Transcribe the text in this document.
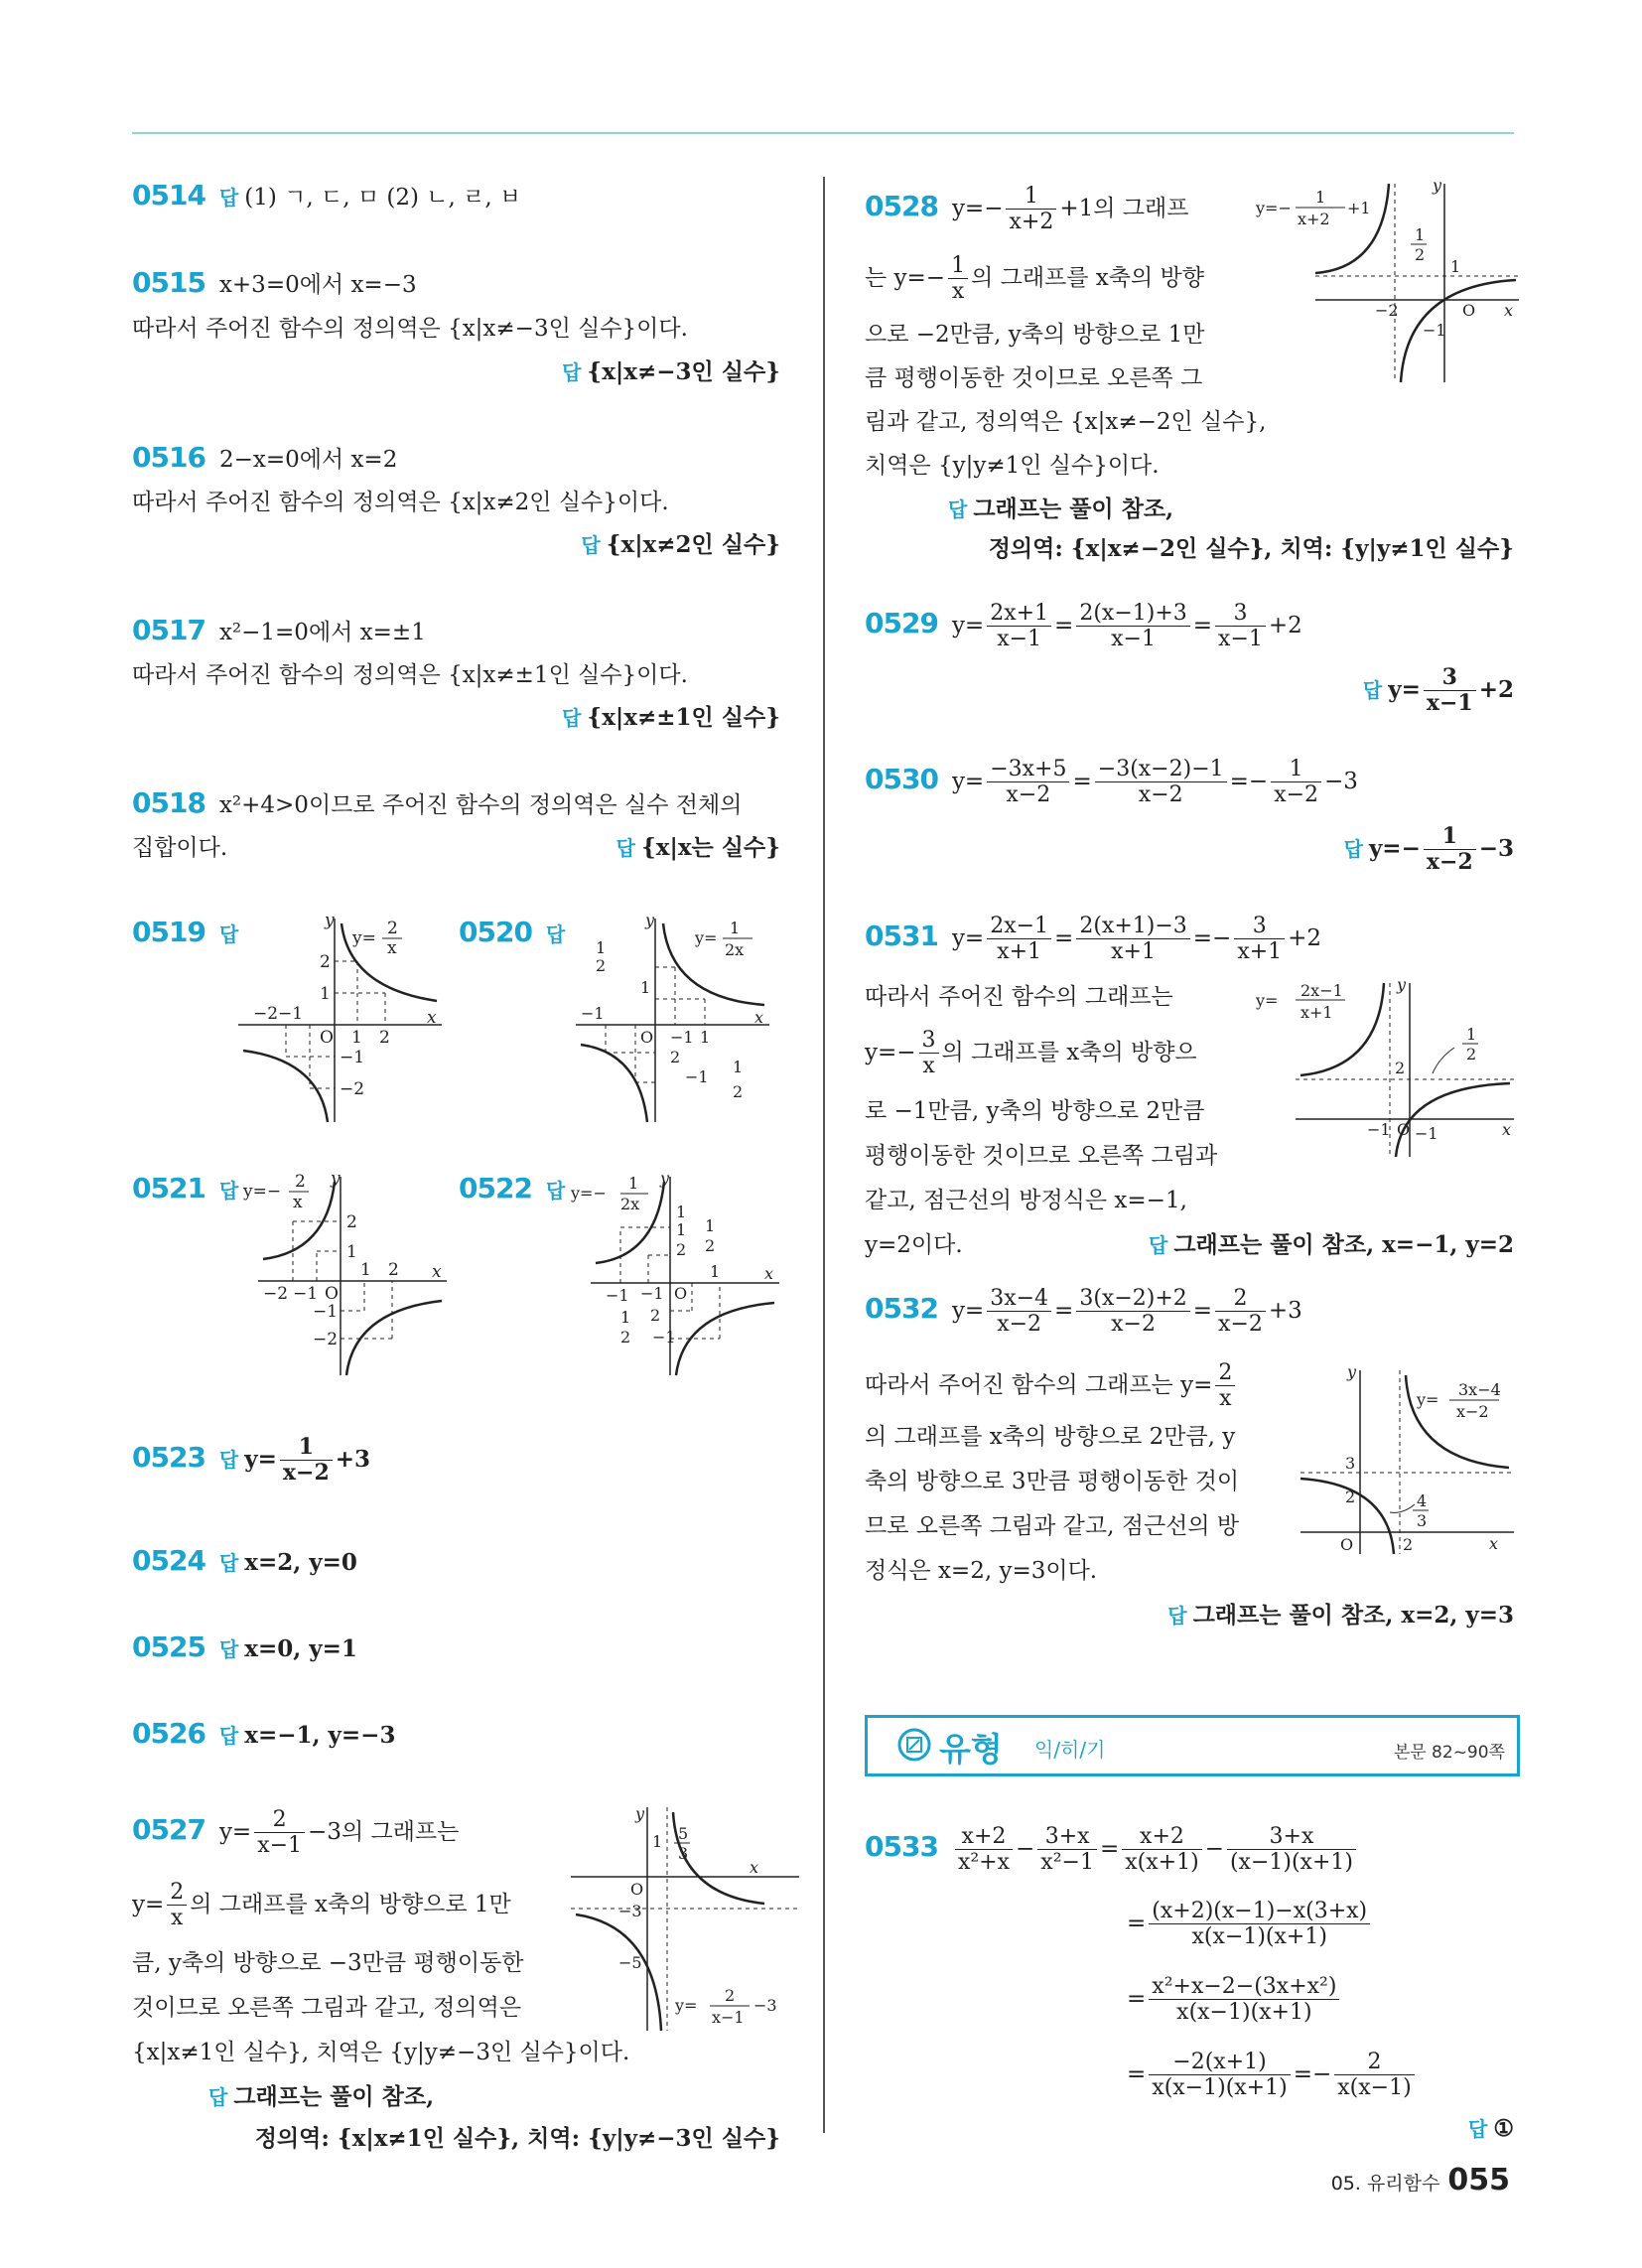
0514 답 (1) ㄱ, ㄷ, ㅁ (2) ㄴ, ㄹ, ㅂ
0515 x+3=0에서 x=−3
따라서 주어진 함수의 정의역은 {x|x≠−3인 실수}이다.
답 {x|x≠−3인 실수}
0516 2−x=0에서 x=2
따라서 주어진 함수의 정의역은 {x|x≠2인 실수}이다.
답 {x|x≠2인 실수}
0517 x²−1=0에서 x=±1
따라서 주어진 함수의 정의역은 {x|x≠±1인 실수}이다.
답 {x|x≠±1인 실수}
0518 x²+4>0이므로 주어진 함수의 정의역은 실수 전체의
집합이다.	답 {x|x는 실수}
0519 답	0520 답
y
x
y= 2
x
−2 −1
O 1 2
2
1
−1
−2
y
x
y=
1
2x
−1
1
2
1
−1
O	1
2
−1
1
2
0521 답	0522 답
y
x
y=− 2
x
2
1
1 2
−2 −1 O
−1
−2
y
x
y=−
1
2x 1
1
2
1
2
1
−1 −1 O
2
1
2 −1
0523 답 $y= \frac{1}{x-2} +3$
0524 답 x=2, y=0
0525 답 x=0, y=1
0526 답 x=−1, y=−3
0527 $y= \frac{2}{x-1} -3$의 그래프는
$y= \frac{2}{x}$ 의 그래프를 x축의 방향으로 1만
큼, y축의 방향으로 −3만큼 평행이동한
것이므로 오른쪽 그림과 같고, 정의역은
{x|x≠1인 실수}, 치역은 {y|y≠−3인 실수}이다.
답 그래프는 풀이 참조,
정의역: {x|x≠1인 실수}, 치역: {y|y≠−3인 실수}
y
x
O
1 5
3
−3
−5
y=
2
x−1
−3
0528 $y=- \frac{1}{x+2} +1$의 그래프
는 $y=- \frac{1}{x}$ 의 그래프를 x축의 방향
으로 −2만큼, y축의 방향으로 1만
큼 평행이동한 것이므로 오른쪽 그
림과 같고, 정의역은 {x|x≠−2인 실수},
치역은 {y|y≠1인 실수}이다.
답 그래프는 풀이 참조,
정의역: {x|x≠−2인 실수}, 치역: {y|y≠1인 실수}
y
x
y=−
1
x+2
+1
1
2
1
−2	O
−1
0529 $y= \frac{2x+1}{x-1} = \frac{2(x-1)+3}{x-1} = \frac{3}{x-1} +2$
답 $y= \frac{3}{x-1} +2$
0530 $y= \frac{-3x+5}{x-2} = \frac{-3(x-2)-1}{x-2} =- \frac{1}{x-2} -3$
답 $y=- \frac{1}{x-2} -3$
0531 $y= \frac{2x-1}{x+1} = \frac{2(x+1)-3}{x+1} =- \frac{3}{x+1} +2$
따라서 주어진 함수의 그래프는
$y=- \frac{3}{x}$ 의 그래프를 x축의 방향으
로 −1만큼, y축의 방향으로 2만큼
평행이동한 것이므로 오른쪽 그림과
같고, 점근선의 방정식은 x=−1,
y=2이다.	답 그래프는 풀이 참조, x=−1, y=2
y
x
y=
2x−1
x+1
1
2
2
−1 O −1
0532 $y= \frac{3x-4}{x-2} = \frac{3(x-2)+2}{x-2} = \frac{2}{x-2} +3$
따라서 주어진 함수의 그래프는 $y= \frac{2}{x}$
의 그래프를 x축의 방향으로 2만큼, y
축의 방향으로 3만큼 평행이동한 것이
므로 오른쪽 그림과 같고, 점근선의 방
정식은 x=2, y=3이다.
답 그래프는 풀이 참조, x=2, y=3
y
x
y=
3x−4
x−2
3
2	4
3
O	2
유형 익/히/기	본문 82~90쪽
$0533 \frac{x+2}{\text{x²+x}} - \frac{3+x}{\text{x²−1}} = \frac{x+2}{x(x+1)} - \frac{3+x}{(x-1)(x+1)}$
= $\frac{(x+2)(x-1)-x(3+x)}{x(x-1)(x+1)}$
= $\frac{\text{x²+x−2−(3x+x²)}}{x(x-1)(x+1)}$
= $\frac{-2(x+1)}{x(x-1)(x+1)} =- \frac{2}{x(x-1)}$
답 ①
05. 유리함수 055
